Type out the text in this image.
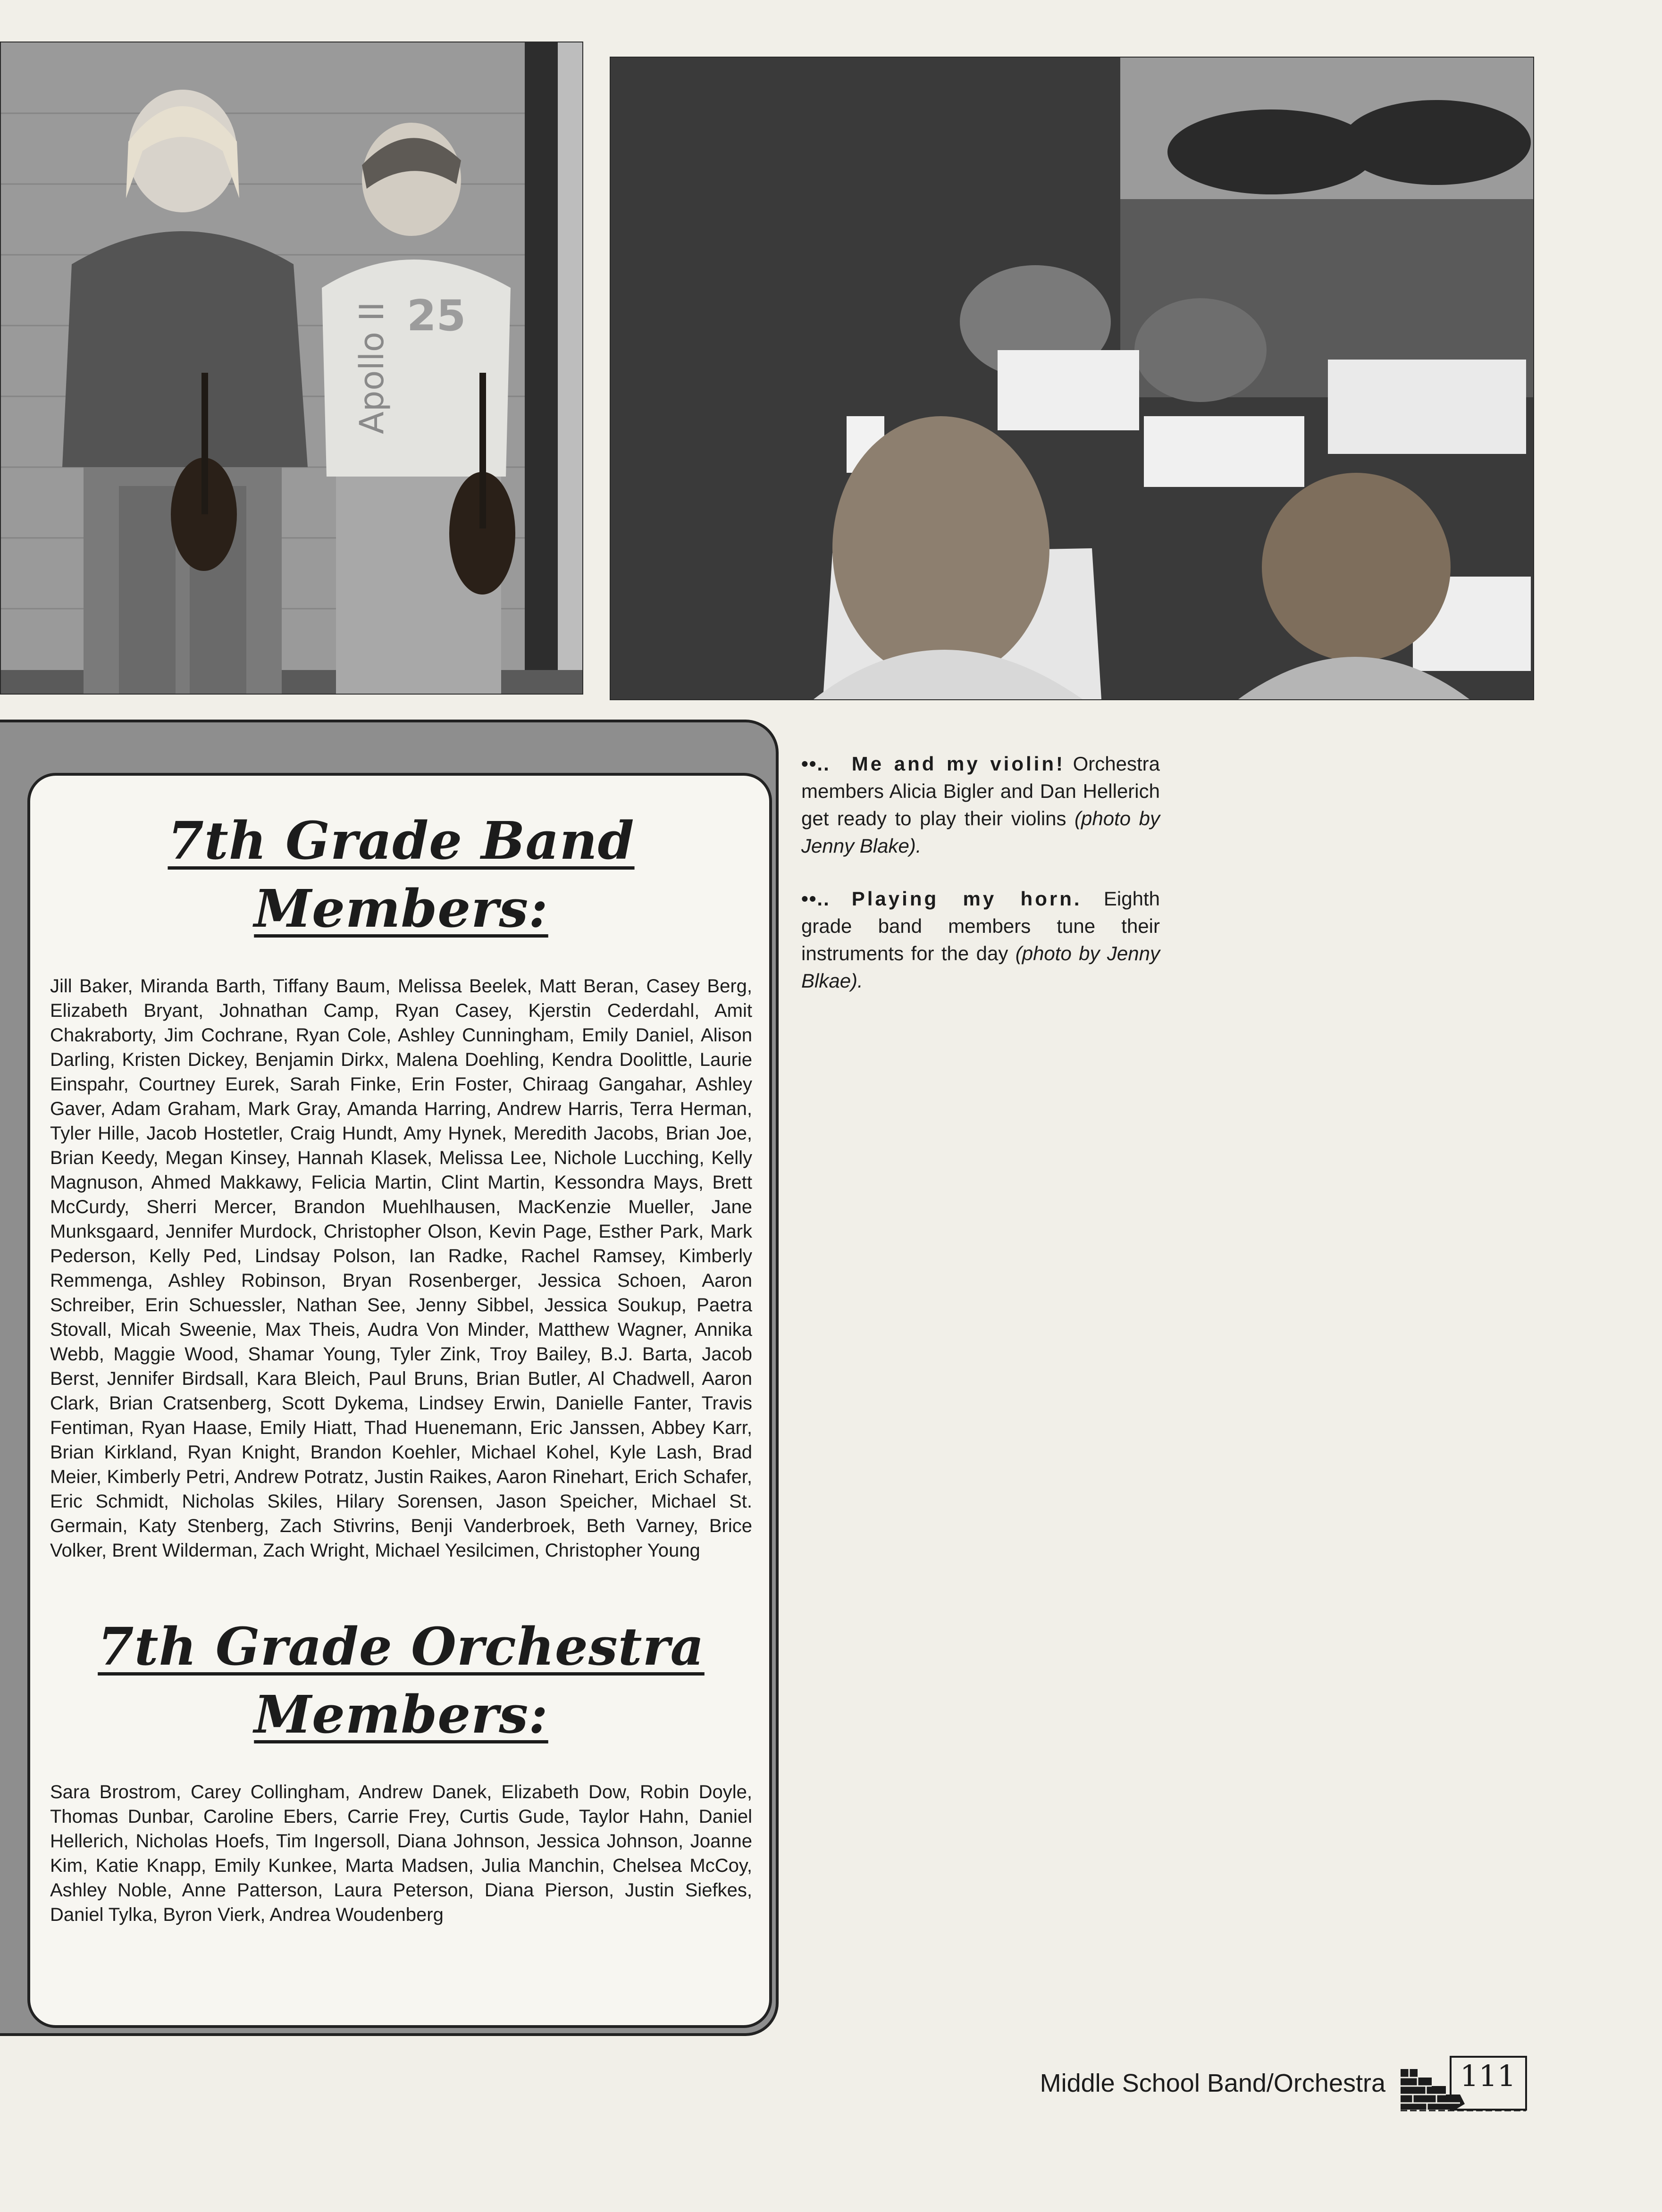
25
Apollo II

7th Grade Band

Members:

Jill Baker, Miranda Barth, Tiffany Baum, Melissa Beelek, Matt Beran, Casey Berg, Elizabeth Bryant, Johnathan Camp, Ryan Casey, Kjerstin Cederdahl, Amit Chakraborty, Jim Cochrane, Ryan Cole, Ashley Cunningham, Emily Daniel, Alison Darling, Kristen Dickey, Benjamin Dirkx, Malena Doehling, Kendra Doolittle, Laurie Einspahr, Courtney Eurek, Sarah Finke, Erin Foster, Chiraag Gangahar, Ashley Gaver, Adam Graham, Mark Gray, Amanda Harring, Andrew Harris, Terra Herman, Tyler Hille, Jacob Hostetler, Craig Hundt, Amy Hynek, Meredith Jacobs, Brian Joe, Brian Keedy, Megan Kinsey, Hannah Klasek, Melissa Lee, Nichole Lucching, Kelly Magnuson, Ahmed Makkawy, Felicia Martin, Clint Martin, Kessondra Mays, Brett McCurdy, Sherri Mercer, Brandon Muehlhausen, MacKenzie Mueller, Jane Munksgaard, Jennifer Murdock, Christopher Olson, Kevin Page, Esther Park, Mark Pederson, Kelly Ped, Lindsay Polson, Ian Radke, Rachel Ramsey, Kimberly Remmenga, Ashley Robinson, Bryan Rosenberger, Jessica Schoen, Aaron Schreiber, Erin Schuessler, Nathan See, Jenny Sibbel, Jessica Soukup, Paetra Stovall, Micah Sweenie, Max Theis, Audra Von Minder, Matthew Wagner, Annika Webb, Maggie Wood, Shamar Young, Tyler Zink, Troy Bailey, B.J. Barta, Jacob Berst, Jennifer Birdsall, Kara Bleich, Paul Bruns, Brian Butler, Al Chadwell, Aaron Clark, Brian Cratsenberg, Scott Dykema, Lindsey Erwin, Danielle Fanter, Travis Fentiman, Ryan Haase, Emily Hiatt, Thad Huenemann, Eric Janssen, Abbey Karr, Brian Kirkland, Ryan Knight, Brandon Koehler, Michael Kohel, Kyle Lash, Brad Meier, Kimberly Petri, Andrew Potratz, Justin Raikes, Aaron Rinehart, Erich Schafer, Eric Schmidt, Nicholas Skiles, Hilary Sorensen, Jason Speicher, Michael St. Germain, Katy Stenberg, Zach Stivrins, Benji Vanderbroek, Beth Varney, Brice Volker, Brent Wilderman, Zach Wright, Michael Yesilcimen, Christopher Young

7th Grade Orchestra

Members:

Sara Brostrom, Carey Collingham, Andrew Danek, Elizabeth Dow, Robin Doyle, Thomas Dunbar, Caroline Ebers, Carrie Frey, Curtis Gude, Taylor Hahn, Daniel Hellerich, Nicholas Hoefs, Tim Ingersoll, Diana Johnson, Jessica Johnson, Joanne Kim, Katie Knapp, Emily Kunkee, Marta Madsen, Julia Manchin, Chelsea McCoy, Ashley Noble, Anne Patterson, Laura Peterson, Diana Pierson, Justin Siefkes, Daniel Tylka, Byron Vierk, Andrea Woudenberg

••.. Me and my violin! Orchestra members Alicia Bigler and Dan Hellerich get ready to play their violins (photo by Jenny Blake).

••.. Playing my horn. Eighth grade band members tune their instruments for the day (photo by Jenny Blkae).

Middle School Band/Orchestra	111
